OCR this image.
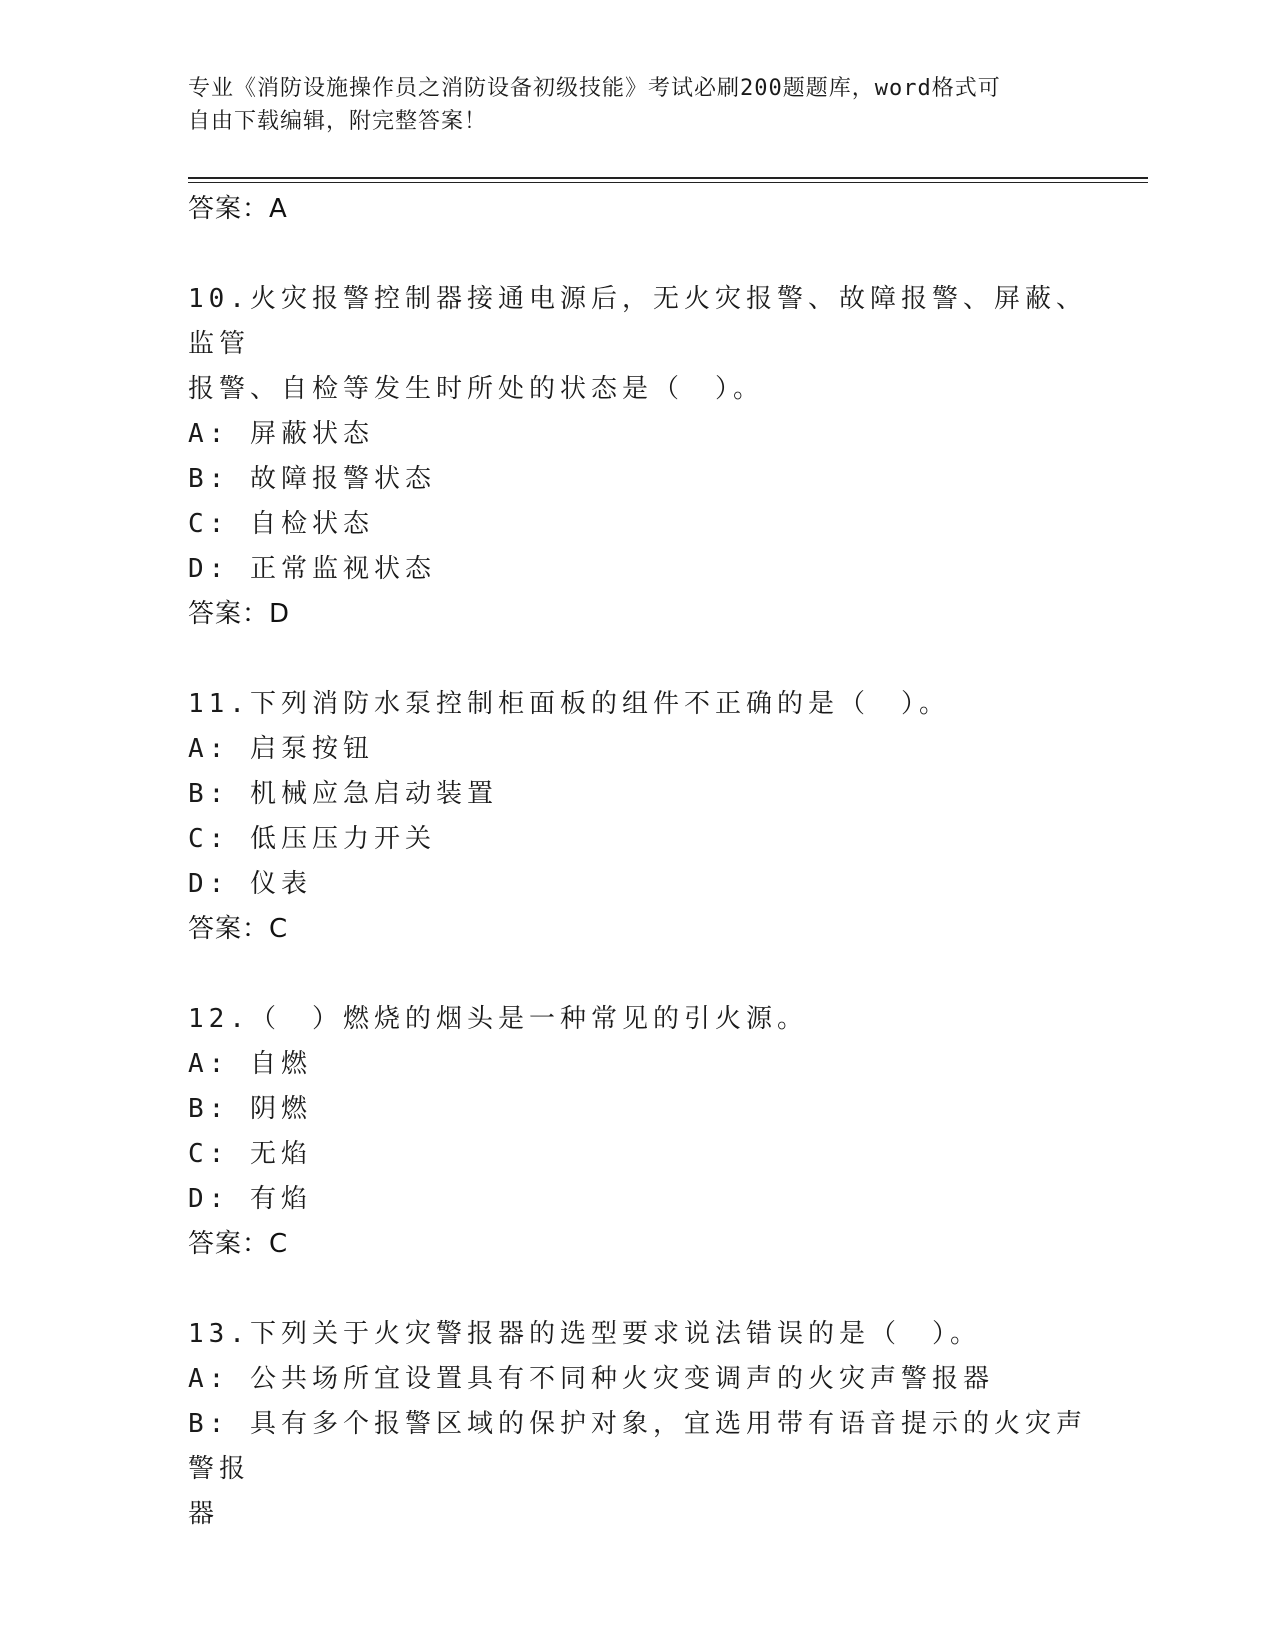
专业《消防设施操作员之消防设备初级技能》考试必刷200题题库，word格式可
自由下载编辑，附完整答案！
答案：A
10.火灾报警控制器接通电源后，无火灾报警、故障报警、屏蔽、监管
报警、自检等发生时所处的状态是（　）。
A: 屏蔽状态
B: 故障报警状态
C: 自检状态
D: 正常监视状态
答案：D
11.下列消防水泵控制柜面板的组件不正确的是（　）。
A: 启泵按钮
B: 机械应急启动装置
C: 低压压力开关
D: 仪表
答案：C
12.（　）燃烧的烟头是一种常见的引火源。
A: 自燃
B: 阴燃
C: 无焰
D: 有焰
答案：C
13.下列关于火灾警报器的选型要求说法错误的是（　）。
A: 公共场所宜设置具有不同种火灾变调声的火灾声警报器
B: 具有多个报警区域的保护对象，宜选用带有语音提示的火灾声警报
器
